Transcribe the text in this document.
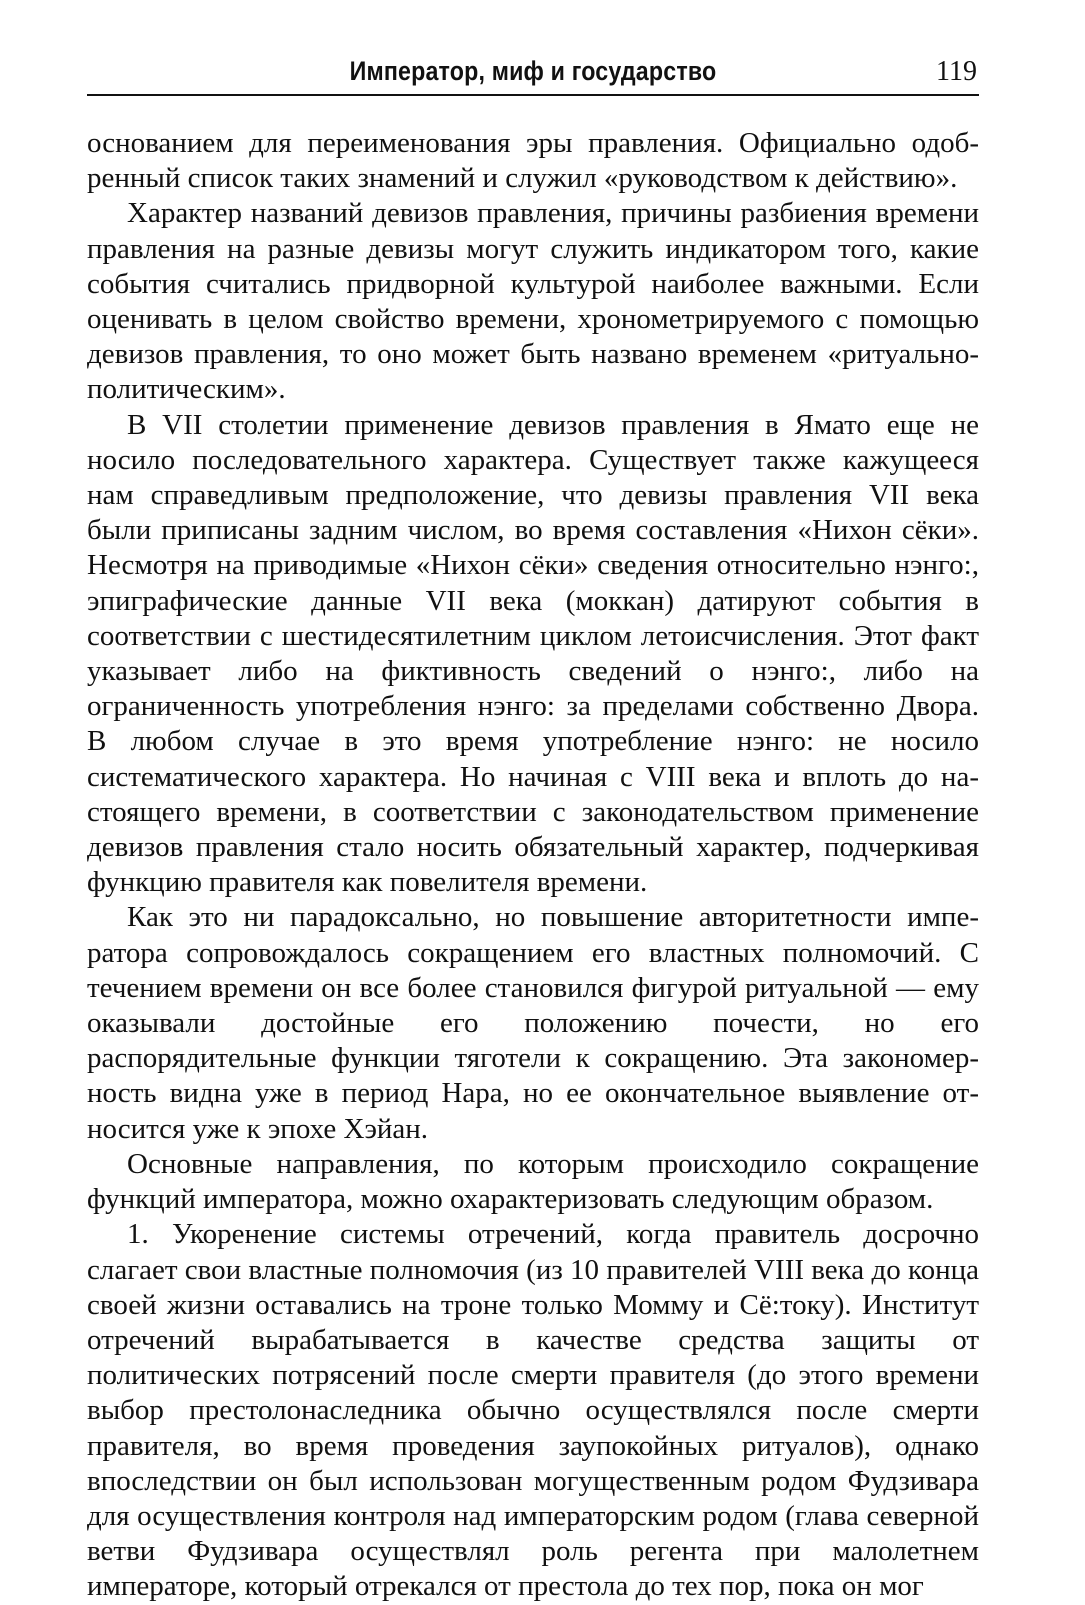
Император, миф и государство	119

основанием для переименования эры правления. Официально одобренный список таких знамений и служил «руководством к действию».

Характер названий девизов правления, причины разбиения времени правления на разные девизы могут служить индикатором того, какие события считались придворной культурой наиболее важными. Если оценивать в целом свойство времени, хронометрируемого с помощью девизов правления, то оно может быть названо временем «ритуально-политическим».

В VII столетии применение девизов правления в Ямато еще не носило последовательного характера. Существует также кажущееся нам справедливым предположение, что девизы правления VII века были приписаны задним числом, во время составления «Нихон сёки». Несмотря на приводимые «Нихон сёки» сведения относительно нэнго:, эпиграфические данные VII века (моккан) датируют события в соответствии с шестидесятилетним циклом летоисчисления. Этот факт указывает либо на фиктивность сведений о нэнго:, либо на ограниченность употребления нэнго: за пределами собственно Двора. В любом случае в это время употребление нэнго: не носило систематического характера. Но начиная с VIII века и вплоть до настоящего времени, в соответствии с законодательством применение девизов правления стало носить обязательный характер, подчеркивая функцию правителя как повелителя времени.

Как это ни парадоксально, но повышение авторитетности императора сопровождалось сокращением его властных полномочий. С течением времени он все более становился фигурой ритуальной — ему оказывали достойные его положению почести, но его распорядительные функции тяготели к сокращению. Эта закономерность видна уже в период Нара, но ее окончательное выявление относится уже к эпохе Хэйан.

Основные направления, по которым происходило сокращение функций императора, можно охарактеризовать следующим образом.

1. Укоренение системы отречений, когда правитель досрочно слагает свои властные полномочия (из 10 правителей VIII века до конца своей жизни оставались на троне только Момму и Сё:току). Институт отречений вырабатывается в качестве средства защиты от политических потрясений после смерти правителя (до этого времени выбор престолонаследника обычно осуществлялся после смерти правителя, во время проведения заупокойных ритуалов), однако впоследствии он был использован могущественным родом Фудзивара для осуществления контроля над императорским родом (глава северной ветви Фудзивара осуществлял роль регента при малолетнем императоре, который отрекался от престола до тех пор, пока он мог
